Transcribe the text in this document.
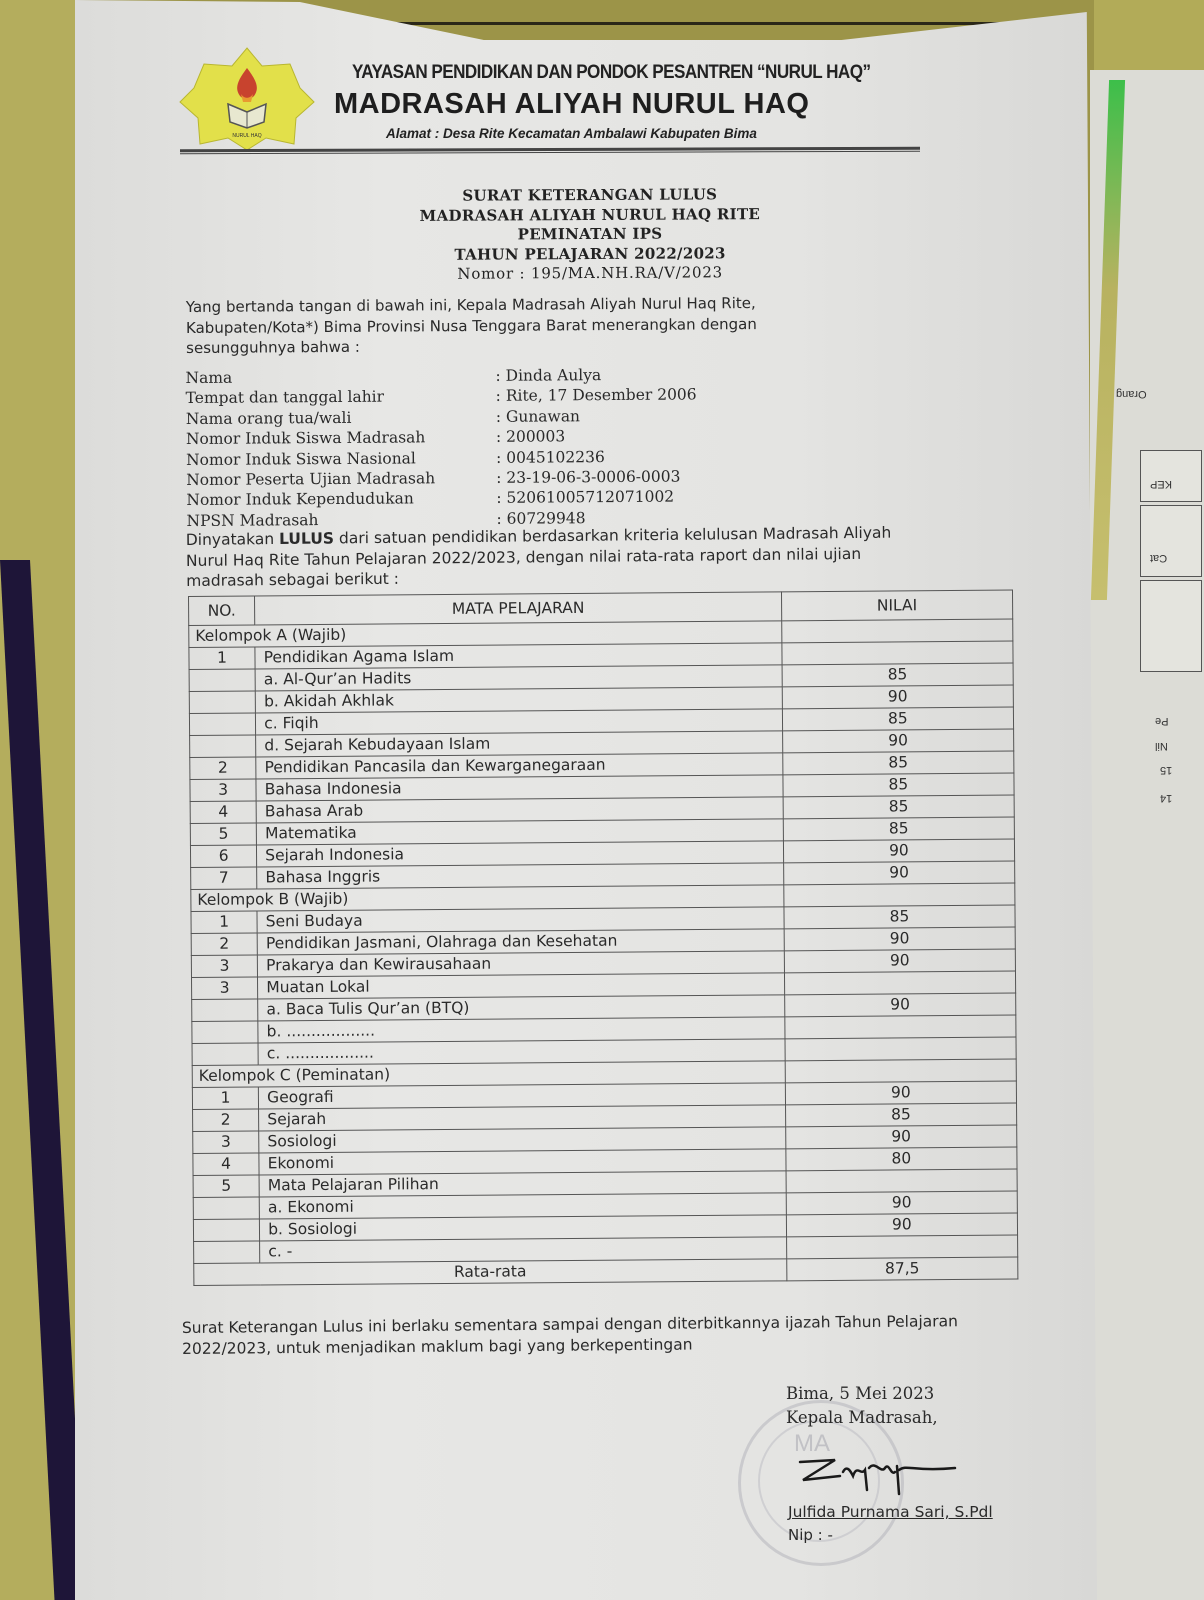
Orang
KEP
Cat
Pe
Nil
15
14
NURUL HAQ
YAYASAN PENDIDIKAN DAN PONDOK PESANTREN “NURUL HAQ”
MADRASAH ALIYAH NURUL HAQ
Alamat : Desa Rite Kecamatan Ambalawi Kabupaten Bima
SURAT KETERANGAN LULUS
MADRASAH ALIYAH NURUL HAQ RITE
PEMINATAN IPS
TAHUN PELAJARAN 2022/2023
Nomor : 195/MA.NH.RA/V/2023
Yang bertanda tangan di bawah ini, Kepala Madrasah Aliyah Nurul Haq Rite,
Kabupaten/Kota*) Bima Provinsi Nusa Tenggara Barat menerangkan dengan
sesungguhnya bahwa :
Nama	: Dinda Aulya
Tempat dan tanggal lahir	: Rite, 17 Desember 2006
Nama orang tua/wali	: Gunawan
Nomor Induk Siswa Madrasah	: 200003
Nomor Induk Siswa Nasional	: 0045102236
Nomor Peserta Ujian Madrasah	: 23-19-06-3-0006-0003
Nomor Induk Kependudukan	: 5206100571207100​2
NPSN Madrasah	: 60729948
Dinyatakan LULUS dari satuan pendidikan berdasarkan kriteria kelulusan Madrasah Aliyah
Nurul Haq Rite Tahun Pelajaran 2022/2023, dengan nilai rata-rata raport dan nilai ujian
madrasah sebagai berikut :
NO.	MATA PELAJARAN	NILAI
Kelompok A (Wajib)		
1	Pendidikan Agama Islam	
	a. Al-Qur’an Hadits	85
	b. Akidah Akhlak	90
	c. Fiqih	85
	d. Sejarah Kebudayaan Islam	90
2	Pendidikan Pancasila dan Kewarganegaraan	85
3	Bahasa Indonesia	85
4	Bahasa Arab	85
5	Matematika	85
6	Sejarah Indonesia	90
7	Bahasa Inggris	90
Kelompok B (Wajib)		
1	Seni Budaya	85
2	Pendidikan Jasmani, Olahraga dan Kesehatan	90
3	Prakarya dan Kewirausahaan	90
3	Muatan Lokal	
	a. Baca Tulis Qur’an (BTQ)	90
	b. ..................	
	c. ..................	
Kelompok C (Peminatan)		
1	Geografi	90
2	Sejarah	85
3	Sosiologi	90
4	Ekonomi	80
5	Mata Pelajaran Pilihan	
	a. Ekonomi	90
	b. Sosiologi	90
	c. -	
Rata-rata		87,5
Surat Keterangan Lulus ini berlaku sementara sampai dengan diterbitkannya ijazah Tahun Pelajaran
2022/2023, untuk menjadikan maklum bagi yang berkepentingan
MA
Bima, 5 Mei 2023
Kepala Madrasah,
Julfida Purnama Sari, S.Pdl
Nip : -
